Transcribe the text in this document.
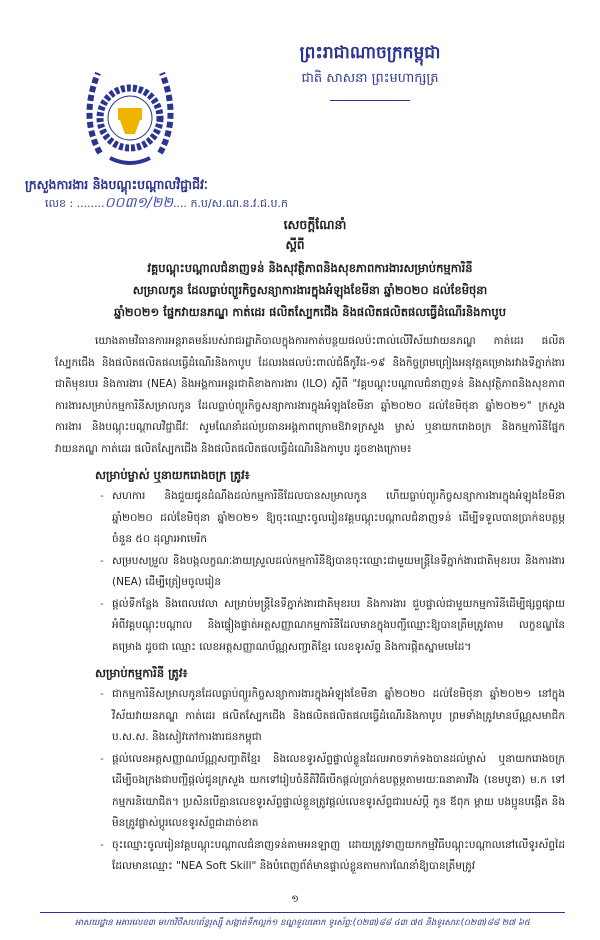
ព្រះរាជាណាចក្រកម្ពុជា
ជាតិ សាសនា ព្រះមហាក្សត្រ
ក្រសួងការងារ និងបណ្តុះបណ្តាលវិជ្ជាជីវៈ
លេខ : ........០០៣១/២២.... ក.ប/ស.ណ.ន.វ.ជ.ប.ក
សេចក្តីណែនាំ
ស្តីពី
វគ្គបណ្តុះបណ្តាលជំនាញទន់ និងសុវត្ថិភាពនិងសុខភាពការងារសម្រាប់កម្មការិនី
សម្រាលកូន ដែលធ្លាប់ព្យួរកិច្ចសន្យាការងារក្នុងអំឡុងខែមីនា ឆ្នាំ២០២០ ដល់ខែមិថុនា
ឆ្នាំ២០២១ ផ្នែកវាយនភណ្ឌ កាត់ដេរ ផលិតស្បែកជើង និងផលិតផលិតផលធ្វើដំណើរនិងកាបូប
យោងតាមវិធានការអន្តរាគមន៍របស់រាជរដ្ឋាភិបាលក្នុងការកាត់បន្ថយផលប៉ះពាល់លើវិស័យវាយនភណ្ឌ កាត់ដេរ ផលិតស្បែកជើង និងផលិតផលិតផលធ្វើដំណើរនិងកាបូប ដែលរងផលប៉ះពាល់ជំងឺកូវីដ-១៩ និងកិច្ចព្រមព្រៀងអនុវត្តគម្រោងរវាងទីភ្នាក់ងារជាតិមុខរបរ និងការងារ (NEA) និងអង្គការអន្តរជាតិខាងការងារ (ILO) ស្តីពី "វគ្គបណ្តុះបណ្តាលជំនាញទន់ និងសុវត្ថិភាពនិងសុខភាពការងារសម្រាប់កម្មការិនីសម្រាលកូន ដែលធ្លាប់ព្យួរកិច្ចសន្យាការងារក្នុងអំឡុងខែមីនា ឆ្នាំ២០២០ ដល់ខែមិថុនា ឆ្នាំ២០២១" ក្រសួងការងារ និងបណ្តុះបណ្តាលវិជ្ជាជីវៈ សូមណែនាំដល់ប្រធានអង្គភាពក្រោមឱវាទក្រសួង ម្ចាស់ ឬនាយករោងចក្រ និងកម្មការិនីផ្នែកវាយនភណ្ឌ កាត់ដេរ ផលិតស្បែកជើង និងផលិតផលិតផលធ្វើដំណើរនិងកាបូប ដូចខាងក្រោម៖
សម្រាប់ម្ចាស់ ឬនាយករោងចក្រ ត្រូវ៖
- សហការ និងជួយជូនដំណឹងដល់កម្មការិនីដែលបានសម្រាលកូន ហើយធ្លាប់ព្យួរកិច្ចសន្យាការងារក្នុងអំឡុងខែមីនា ឆ្នាំ២០២០ ដល់ខែមិថុនា ឆ្នាំ២០២១ ឱ្យចុះឈ្មោះចូលរៀនវគ្គបណ្តុះបណ្តាលជំនាញទន់ ដើម្បីទទួលបានប្រាក់ឧបត្ថម្ភចំនួន ៥០ ដុល្លារអាមេរិក
- សម្របសម្រួល និងបង្កលក្ខណៈងាយស្រួលដល់កម្មការិនីឱ្យបានចុះឈ្មោះជាមួយមន្ត្រីនៃទីភ្នាក់ងារជាតិមុខរបរ និងការងារ (NEA) ដើម្បីត្រៀមចូលរៀន
- ផ្តល់ទីកន្លែង និងពេលវេលា សម្រាប់មន្ត្រីនៃទីភ្នាក់ងារជាតិមុខរបរ និងការងារ ជួបផ្ទាល់ជាមួយកម្មការិនីដើម្បីផ្សព្វផ្សាយអំពីវគ្គបណ្តុះបណ្តាល និងផ្ទៀងផ្ទាត់អត្តសញ្ញាណកម្មការិនីដែលមានក្នុងបញ្ជីឈ្មោះឱ្យបានត្រឹមត្រូវតាម លក្ខខណ្ឌនៃគម្រោង ដូចជា ឈ្មោះ លេខអត្តសញ្ញាណប័ណ្ណសញ្ជាតិខ្មែរ លេខទូរស័ព្ទ និងការផ្តិតស្នាមមេដៃ។
សម្រាប់កម្មការិនី ត្រូវ៖
- ជាកម្មការិនីសម្រាលកូនដែលធ្លាប់ព្យួរកិច្ចសន្យាការងារក្នុងអំឡុងខែមីនា ឆ្នាំ២០២០ ដល់ខែមិថុនា ឆ្នាំ២០២១ នៅក្នុងវិស័យវាយនភណ្ឌ កាត់ដេរ ផលិតស្បែកជើង និងផលិតផលិតផលធ្វើដំណើរនិងកាបូប ព្រមទាំងត្រូវមានប័ណ្ណសមាជិក ប.ស.ស. និងសៀវភៅការងារជនកម្ពុជា
- ផ្តល់លេខអត្តសញ្ញាណប័ណ្ណសញ្ជាតិខ្មែរ និងលេខទូរស័ព្ទផ្ទាល់ខ្លួនដែលអាចទាក់ទងបានដល់ម្ចាស់ ឬនាយករោងចក្រ ដើម្បីចងក្រងជាបញ្ជីផ្តល់ជូនក្រសួង យកទៅរៀបចំនីតិវិធីបើកផ្តល់ប្រាក់ឧបត្ថម្ភតាមរយៈធនាគារវីង (ខេមបូឌា) ម.ក ទៅកម្មករនិយោជិត។ ប្រសិនបើគ្មានលេខទូរស័ព្ទផ្ទាល់ខ្លួនត្រូវផ្តល់លេខទូរស័ព្ទជារបស់ប្តី កូន ឪពុក ម្តាយ បងប្អូនបង្កើត និងមិនត្រូវផ្លាស់ប្តូរលេខទូរស័ព្ទជាដាច់ខាត
- ចុះឈ្មោះចូលរៀនវគ្គបណ្តុះបណ្តាលជំនាញទន់តាមអនឡាញ ដោយត្រូវទាញយកកម្មវិធីបណ្តុះបណ្តាលនៅលើទូរស័ព្ទដៃ ដែលមានឈ្មោះ "NEA Soft Skill" និងបំពេញព័ត៌មានផ្ទាល់ខ្លួនតាមការណែនាំឱ្យបានត្រឹមត្រូវ
១
អាសយដ្ឋាន អគារលេខ៣ មហាវិថីសហព័ន្ធរុស្ស៊ី សង្កាត់ទឹកល្អក់១ ខណ្ឌទួលគោក ទូរស័ព្ទ:(០២៣)៨៨ ៤៣ ៧៥ និងទូរសារ:(០២៣)៨៨ ២៧ ៦៥
